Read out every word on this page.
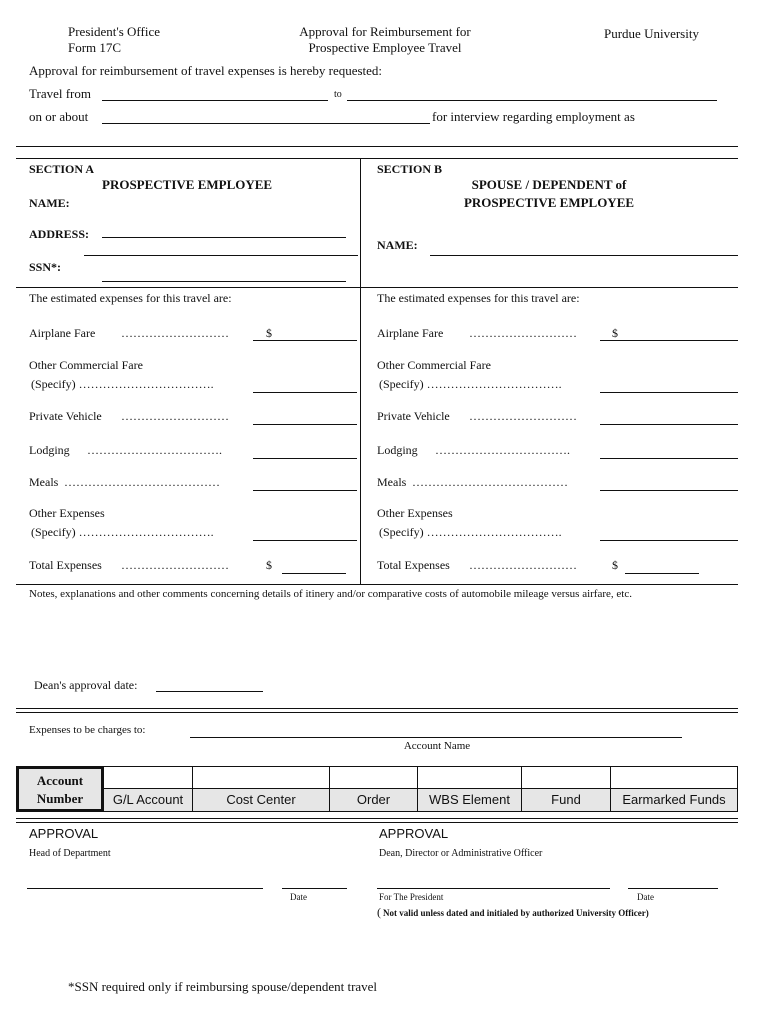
President's Office
Form 17C
Approval for Reimbursement for
Prospective Employee Travel
Purdue University
Approval for reimbursement of travel expenses is hereby requested:
Travel from	to
on or about	for interview regarding employment as
SECTION A
PROSPECTIVE EMPLOYEE
NAME:
ADDRESS:
SSN*:
The estimated expenses for this travel are:
Airplane Fare ………………………	$
Other Commercial Fare
(Specify) …………………………….
Private Vehicle ………………………
Lodging …………………………….
Meals …………………………………
Other Expenses
(Specify) …………………………….
Total Expenses ………………………	$
SECTION B
SPOUSE / DEPENDENT of
PROSPECTIVE EMPLOYEE
NAME:
The estimated expenses for this travel are:
Airplane Fare ………………………	$
Other Commercial Fare
(Specify) …………………………….
Private Vehicle ………………………
Lodging …………………………….
Meals …………………………………
Other Expenses
(Specify) …………………………….
Total Expenses ………………………	$
Notes, explanations and other comments concerning details of itinery and/or comparative costs of automobile mileage versus airfare, etc.
Dean's approval date:
Expenses to be charges to:
Account Name
Account
Number	G/L Account	Cost Center	Order	WBS Element	Fund	Earmarked Funds
APPROVAL
Head of Department
Date
APPROVAL
Dean, Director or Administrative Officer
For The President	Date
( Not valid unless dated and initialed by authorized University Officer)
*SSN required only if reimbursing spouse/dependent travel
